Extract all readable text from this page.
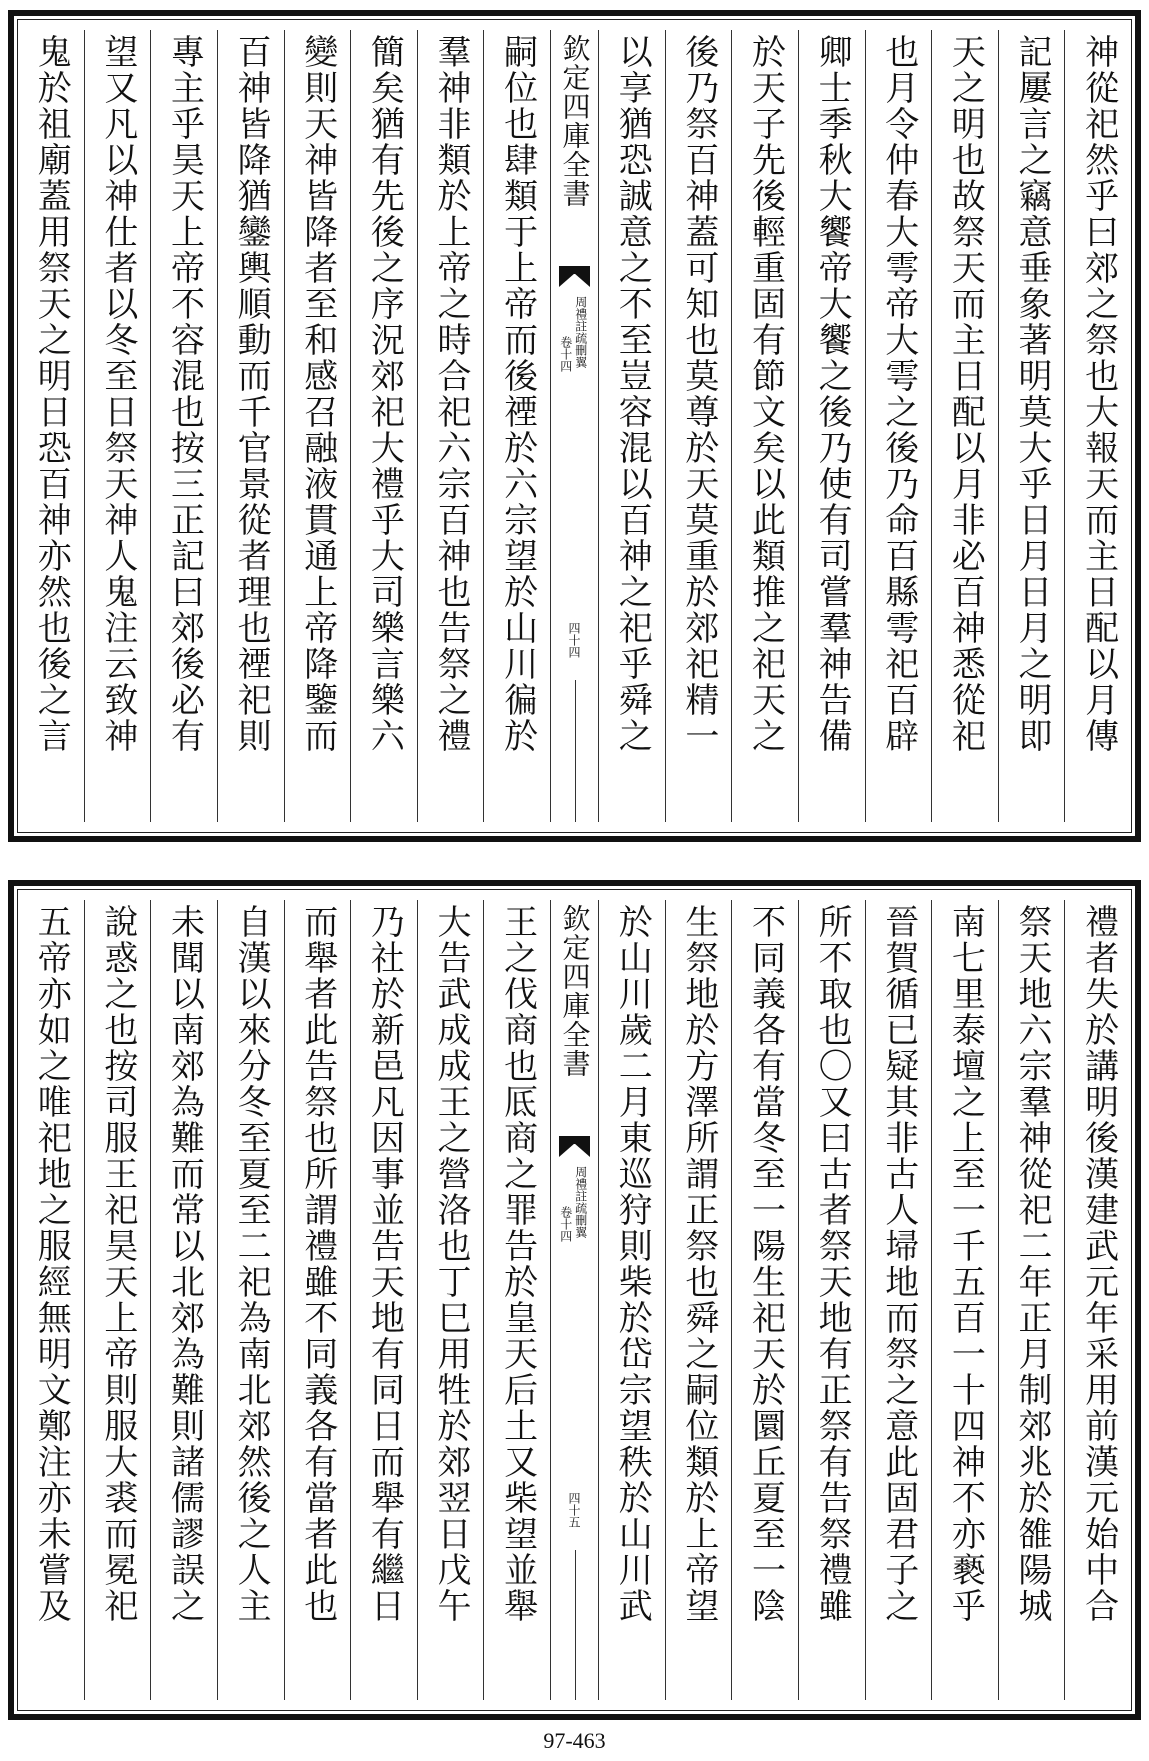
神從祀然乎曰郊之祭也大報天而主日配以月傳
記屢言之竊意垂象著明莫大乎日月日月之明即
天之明也故祭天而主日配以月非必百神悉從祀
也月令仲春大雩帝大雩之後乃命百縣雩祀百辟
卿士季秋大饗帝大饗之後乃使有司嘗羣神告備
於天子先後輕重固有節文矣以此類推之祀天之
後乃祭百神蓋可知也莫尊於天莫重於郊祀精一
以享猶恐誠意之不至豈容混以百神之祀乎舜之
欽定四庫全書
周禮註疏刪翼
卷十四
四十四
嗣位也肆類于上帝而後禋於六宗望於山川徧於
羣神非類於上帝之時合祀六宗百神也告祭之禮
簡矣猶有先後之序況郊祀大禮乎大司樂言樂六
變則天神皆降者至和感召融液貫通上帝降鑒而
百神皆降猶鑾輿順動而千官景從者理也禋祀則
專主乎昊天上帝不容混也按三正記曰郊後必有
望又凡以神仕者以冬至日祭天神人鬼注云致神
鬼於祖廟蓋用祭天之明日恐百神亦然也後之言
禮者失於講明後漢建武元年采用前漢元始中合
祭天地六宗羣神從祀二年正月制郊兆於雒陽城
南七里泰壇之上至一千五百一十四神不亦褻乎
晉賀循已疑其非古人埽地而祭之意此固君子之
所不取也〇又曰古者祭天地有正祭有告祭禮雖
不同義各有當冬至一陽生祀天於圜丘夏至一陰
生祭地於方澤所謂正祭也舜之嗣位類於上帝望
於山川歲二月東巡狩則柴於岱宗望秩於山川武
欽定四庫全書
周禮註疏刪翼
卷十四
四十五
王之伐商也厎商之罪告於皇天后土又柴望並舉
大告武成成王之營洛也丁巳用牲於郊翌日戊午
乃社於新邑凡因事並告天地有同日而舉有繼日
而舉者此告祭也所謂禮雖不同義各有當者此也
自漢以來分冬至夏至二祀為南北郊然後之人主
未聞以南郊為難而常以北郊為難則諸儒謬誤之
說惑之也按司服王祀昊天上帝則服大裘而冕祀
五帝亦如之唯祀地之服經無明文鄭注亦未嘗及
97-463
